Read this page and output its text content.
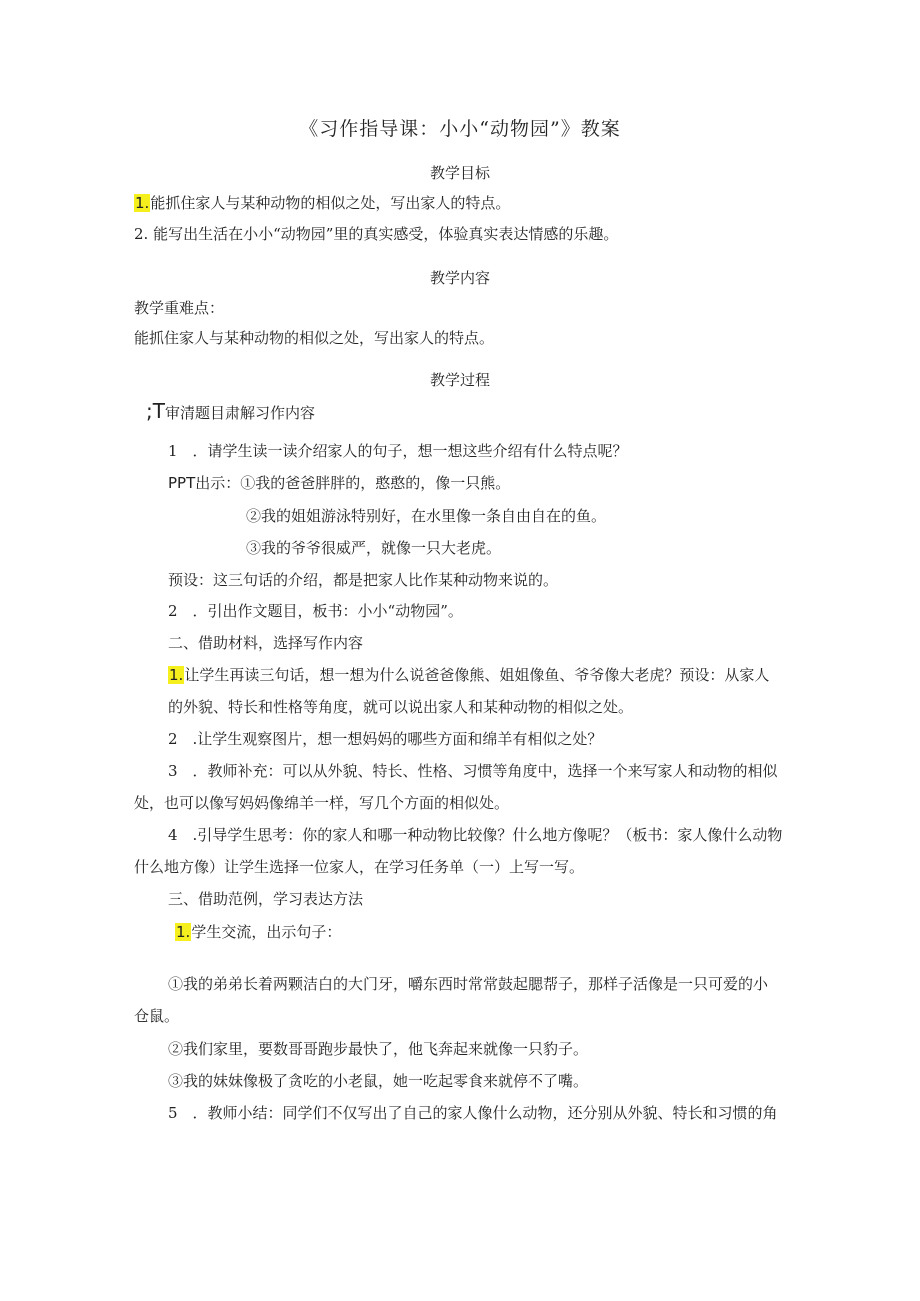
《习作指导课：小小“动物园”》教案
教学目标
1.能抓住家人与某种动物的相似之处，写出家人的特点。
2. 能写出生活在小小“动物园”里的真实感受，体验真实表达情感的乐趣。
教学内容
教学重难点：
能抓住家人与某种动物的相似之处，写出家人的特点。
教学过程
;T审清题目肃解习作内容
1　．请学生读一读介绍家人的句子，想一想这些介绍有什么特点呢？
PPT出示：①我的爸爸胖胖的，憨憨的，像一只熊。
②我的姐姐游泳特别好，在水里像一条自由自在的鱼。
③我的爷爷很威严，就像一只大老虎。
预设：这三句话的介绍，都是把家人比作某种动物来说的。
2　．引出作文题目，板书：小小“动物园”。
二、借助材料，选择写作内容
1.让学生再读三句话，想一想为什么说爸爸像熊、姐姐像鱼、爷爷像大老虎？预设：从家人
的外貌、特长和性格等角度，就可以说出家人和某种动物的相似之处。
2　.让学生观察图片，想一想妈妈的哪些方面和绵羊有相似之处？
3　．教师补充：可以从外貌、特长、性格、习惯等角度中，选择一个来写家人和动物的相似
处，也可以像写妈妈像绵羊一样，写几个方面的相似处。
4　.引导学生思考：你的家人和哪一种动物比较像？什么地方像呢？（板书：家人像什么动物
什么地方像）让学生选择一位家人，在学习任务单（一）上写一写。
三、借助范例，学习表达方法
1.学生交流，出示句子：
①我的弟弟长着两颗洁白的大门牙，嚼东西时常常鼓起腮帮子，那样子活像是一只可爱的小
仓鼠。
②我们家里，要数哥哥跑步最快了，他飞奔起来就像一只豹子。
③我的妹妹像极了贪吃的小老鼠，她一吃起零食来就停不了嘴。
5　．教师小结：同学们不仅写出了自己的家人像什么动物，还分别从外貌、特长和习惯的角
